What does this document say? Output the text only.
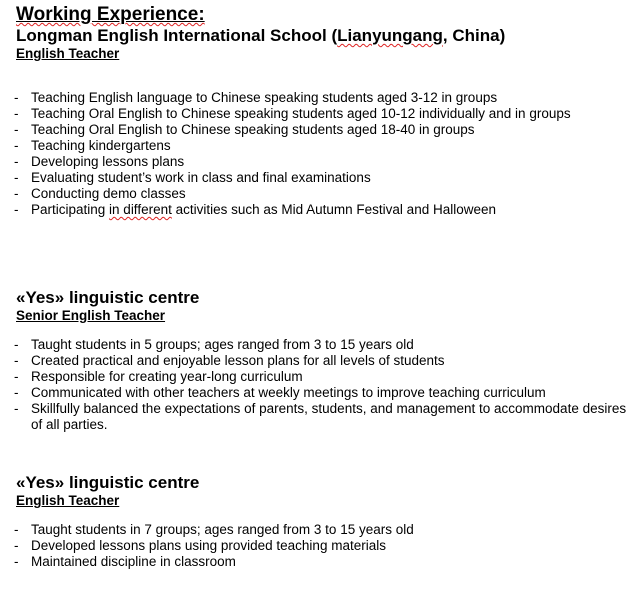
Working Experience:
Longman English International School (Lianyungang, China)
English Teacher
- Teaching English language to Chinese speaking students aged 3-12 in groups
- Teaching Oral English to Chinese speaking students aged 10-12 individually and in groups
- Teaching Oral English to Chinese speaking students aged 18-40 in groups
- Teaching kindergartens
- Developing lessons plans
- Evaluating student’s work in class and final examinations
- Conducting demo classes
- Participating in different activities such as Mid Autumn Festival and Halloween
«Yes» linguistic centre
Senior English Teacher
- Taught students in 5 groups; ages ranged from 3 to 15 years old
- Created practical and enjoyable lesson plans for all levels of students
- Responsible for creating year-long curriculum
- Communicated with other teachers at weekly meetings to improve teaching curriculum
- Skillfully balanced the expectations of parents, students, and management to accommodate desires of all parties.
«Yes» linguistic centre
English Teacher
- Taught students in 7 groups; ages ranged from 3 to 15 years old
- Developed lessons plans using provided teaching materials
- Maintained discipline in classroom
